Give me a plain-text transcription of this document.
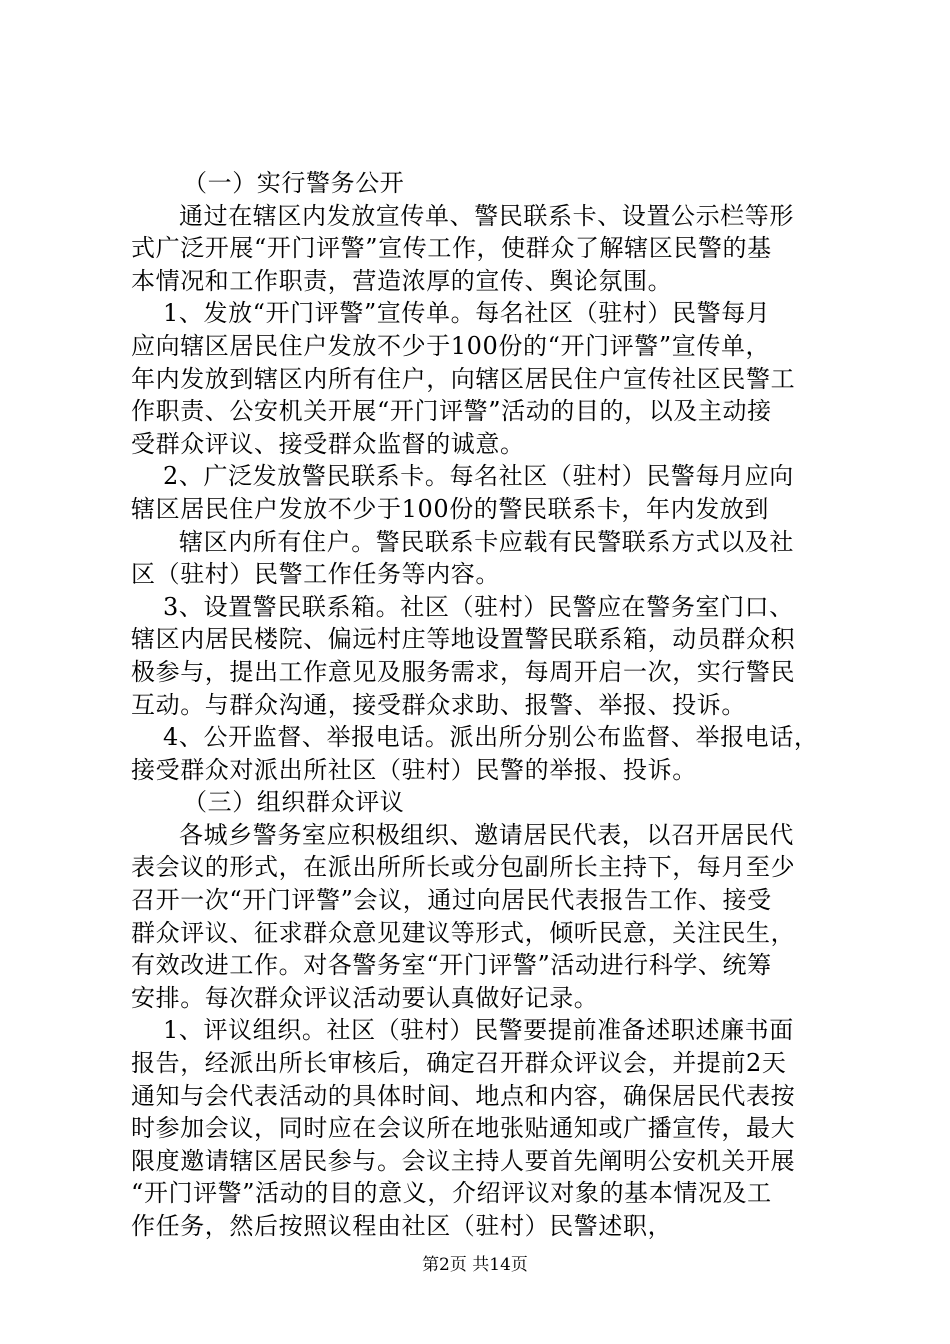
（一）实行警务公开
通过在辖区内发放宣传单、警民联系卡、设置公示栏等形
式广泛开展“开门评警”宣传工作，使群众了解辖区民警的基
本情况和工作职责，营造浓厚的宣传、舆论氛围。
1、发放“开门评警”宣传单。每名社区（驻村）民警每月
应向辖区居民住户发放不少于100份的“开门评警”宣传单，
年内发放到辖区内所有住户，向辖区居民住户宣传社区民警工
作职责、公安机关开展“开门评警”活动的目的，以及主动接
受群众评议、接受群众监督的诚意。
2、广泛发放警民联系卡。每名社区（驻村）民警每月应向
辖区居民住户发放不少于100份的警民联系卡，年内发放到
辖区内所有住户。警民联系卡应载有民警联系方式以及社
区（驻村）民警工作任务等内容。
3、设置警民联系箱。社区（驻村）民警应在警务室门口、
辖区内居民楼院、偏远村庄等地设置警民联系箱，动员群众积
极参与，提出工作意见及服务需求，每周开启一次，实行警民
互动。与群众沟通，接受群众求助、报警、举报、投诉。
4、公开监督、举报电话。派出所分别公布监督、举报电话，
接受群众对派出所社区（驻村）民警的举报、投诉。
（三）组织群众评议
各城乡警务室应积极组织、邀请居民代表，以召开居民代
表会议的形式，在派出所所长或分包副所长主持下，每月至少
召开一次“开门评警”会议，通过向居民代表报告工作、接受
群众评议、征求群众意见建议等形式，倾听民意，关注民生，
有效改进工作。对各警务室“开门评警”活动进行科学、统筹
安排。每次群众评议活动要认真做好记录。
1、评议组织。社区（驻村）民警要提前准备述职述廉书面
报告，经派出所长审核后，确定召开群众评议会，并提前2天
通知与会代表活动的具体时间、地点和内容，确保居民代表按
时参加会议，同时应在会议所在地张贴通知或广播宣传，最大
限度邀请辖区居民参与。会议主持人要首先阐明公安机关开展
“开门评警”活动的目的意义，介绍评议对象的基本情况及工
作任务，然后按照议程由社区（驻村）民警述职，
第2页 共14页
